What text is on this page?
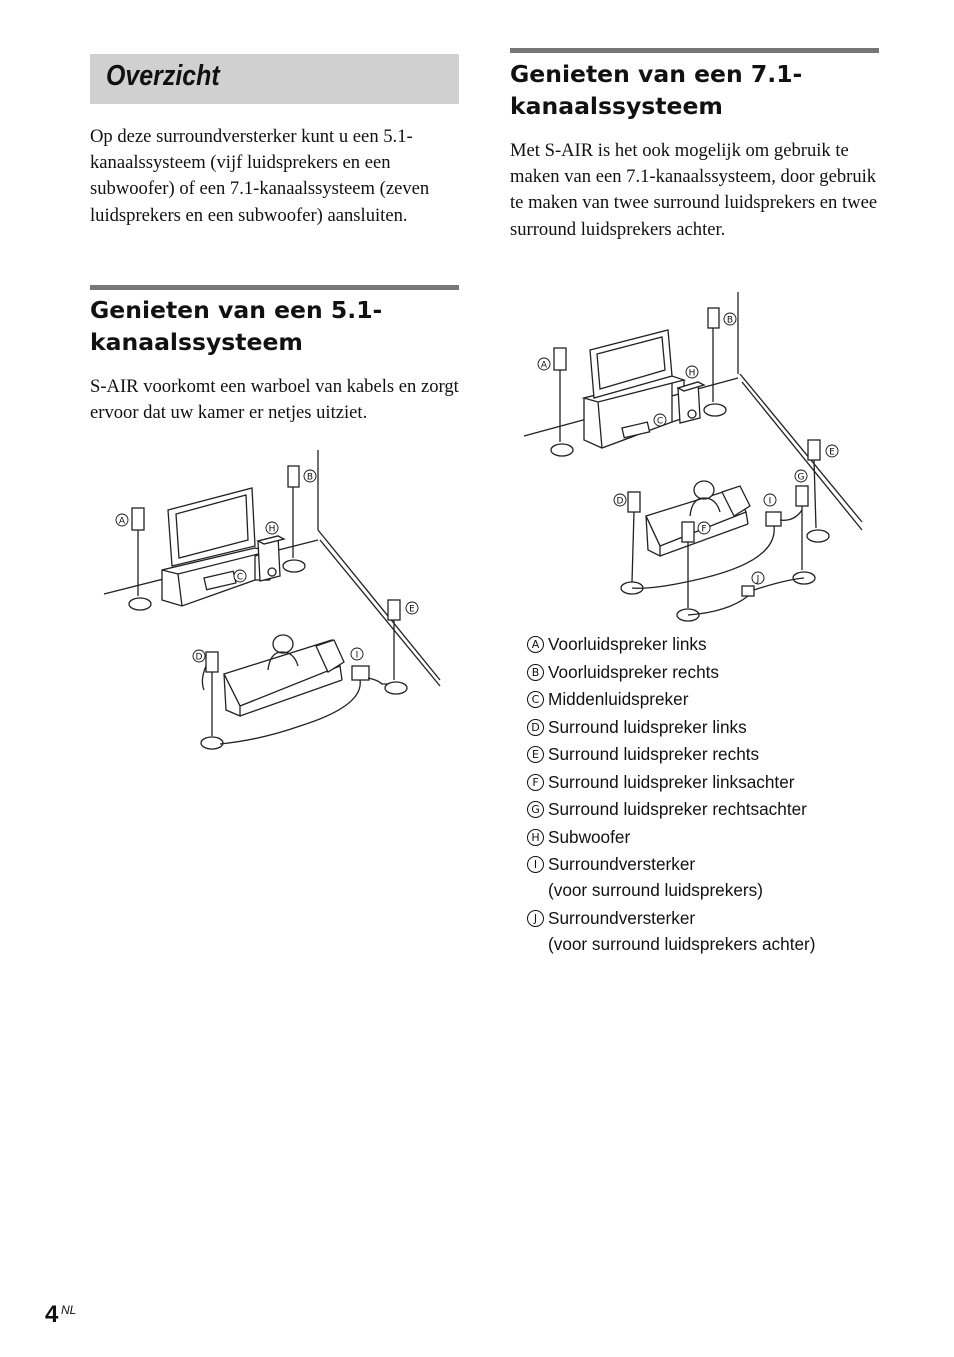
Overzicht

Op deze surroundversterker kunt u een 5.1-kanaalssysteem (vijf luidsprekers en een subwoofer) of een 7.1-kanaalssysteem (zeven luidsprekers en een subwoofer) aansluiten.

Genieten van een 5.1-kanaalssysteem

S-AIR voorkomt een warboel van kabels en zorgt ervoor dat uw kamer er netjes uitziet.

Genieten van een 7.1-kanaalssysteem

Met S-AIR is het ook mogelijk om gebruik te maken van een 7.1-kanaalssysteem, door gebruik te maken van twee surround luidsprekers en twee surround luidsprekers achter.

A
B
C
D
E
H
I
A
B
C
D
E
F
G
H
I
J
A Voorluidspreker links
B Voorluidspreker rechts
C Middenluidspreker
D Surround luidspreker links
E Surround luidspreker rechts
F Surround luidspreker linksachter
G Surround luidspreker rechtsachter
H Subwoofer
I Surroundversterker
(voor surround luidsprekers)
J Surroundversterker
(voor surround luidsprekers achter)
4 NL
